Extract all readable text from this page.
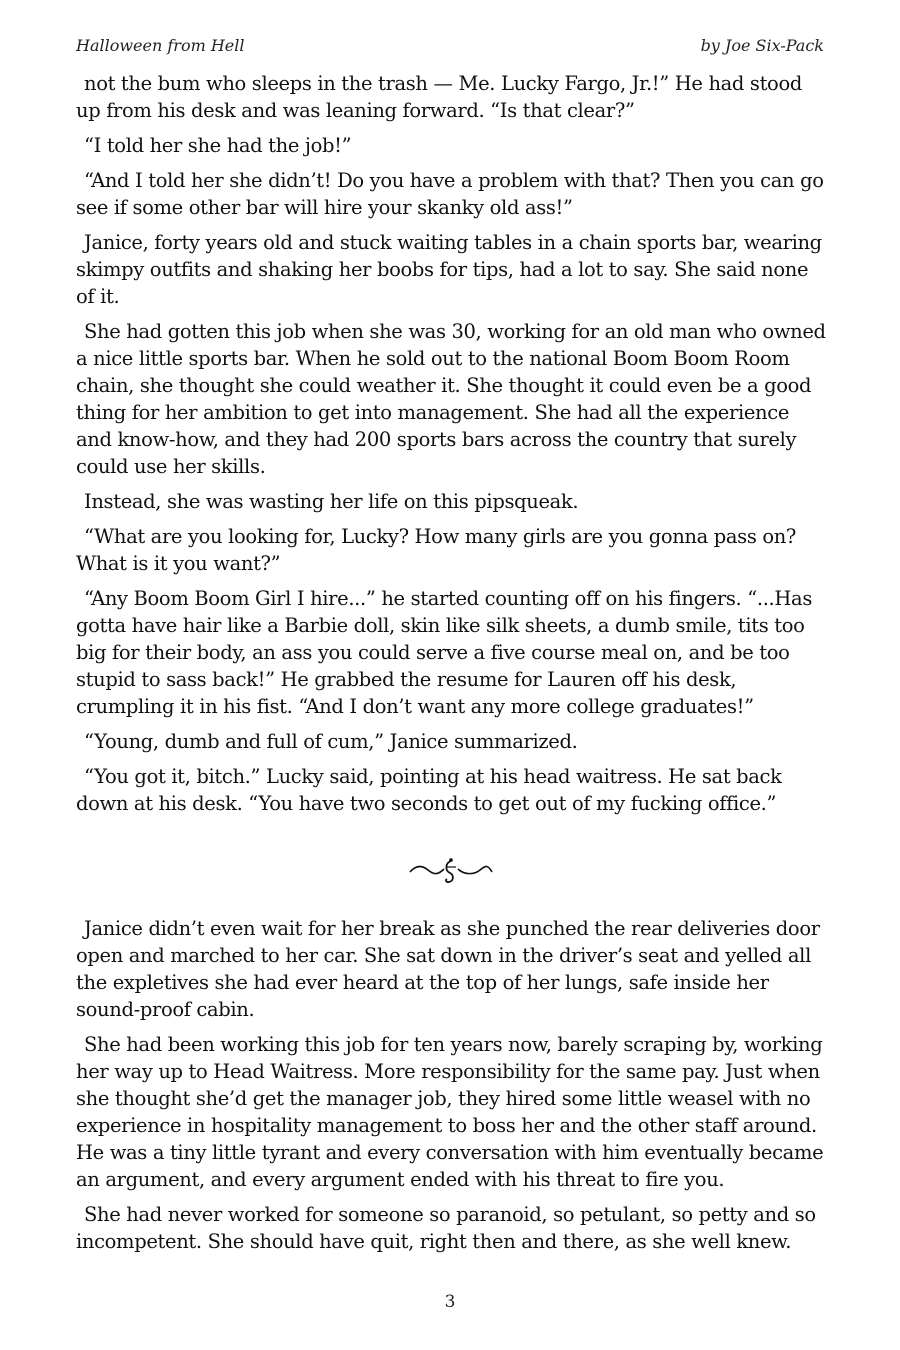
Halloween from Hell	by Joe Six-Pack

not the bum who sleeps in the trash — Me. Lucky Fargo, Jr.!” He had stood up from his desk and was leaning forward. “Is that clear?”

“I told her she had the job!”

“And I told her she didn’t! Do you have a problem with that? Then you can go see if some other bar will hire your skanky old ass!”

Janice, forty years old and stuck waiting tables in a chain sports bar, wearing skimpy outfits and shaking her boobs for tips, had a lot to say. She said none of it.

She had gotten this job when she was 30, working for an old man who owned a nice little sports bar. When he sold out to the national Boom Boom Room chain, she thought she could weather it. She thought it could even be a good thing for her ambition to get into management. She had all the experience and know-how, and they had 200 sports bars across the country that surely could use her skills.

Instead, she was wasting her life on this pipsqueak.

“What are you looking for, Lucky? How many girls are you gonna pass on? What is it you want?”

“Any Boom Boom Girl I hire...” he started counting off on his fingers. “...Has gotta have hair like a Barbie doll, skin like silk sheets, a dumb smile, tits too big for their body, an ass you could serve a five course meal on, and be too stupid to sass back!” He grabbed the resume for Lauren off his desk, crumpling it in his fist. “And I don’t want any more college graduates!”

“Young, dumb and full of cum,” Janice summarized.

“You got it, bitch.” Lucky said, pointing at his head waitress. He sat back down at his desk. “You have two seconds to get out of my fucking office.”

Janice didn’t even wait for her break as she punched the rear deliveries door open and marched to her car. She sat down in the driver’s seat and yelled all the expletives she had ever heard at the top of her lungs, safe inside her sound-proof cabin.

She had been working this job for ten years now, barely scraping by, working her way up to Head Waitress. More responsibility for the same pay. Just when she thought she’d get the manager job, they hired some little weasel with no experience in hospitality management to boss her and the other staff around. He was a tiny little tyrant and every conversation with him eventually became an argument, and every argument ended with his threat to fire you.

She had never worked for someone so paranoid, so petulant, so petty and so incompetent. She should have quit, right then and there, as she well knew.

3
